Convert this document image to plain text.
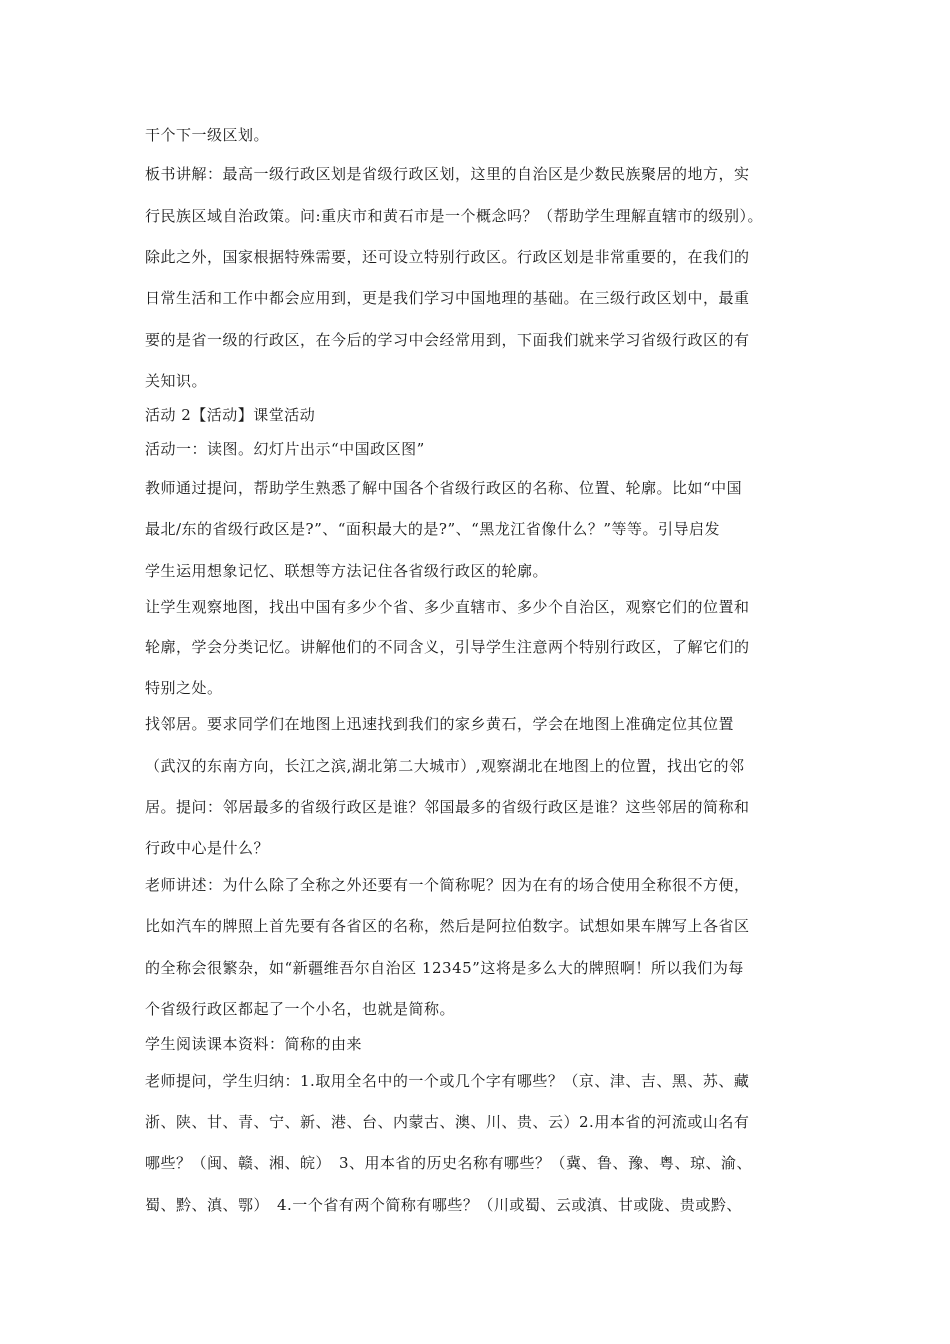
干个下一级区划。
板书讲解：最高一级行政区划是省级行政区划，这里的自治区是少数民族聚居的地方，实
行民族区域自治政策。问:重庆市和黄石市是一个概念吗？（帮助学生理解直辖市的级别）。
除此之外，国家根据特殊需要，还可设立特别行政区。行政区划是非常重要的，在我们的
日常生活和工作中都会应用到，更是我们学习中国地理的基础。在三级行政区划中，最重
要的是省一级的行政区，在今后的学习中会经常用到，下面我们就来学习省级行政区的有
关知识。
活动 2【活动】课堂活动
活动一：读图。幻灯片出示“中国政区图”
教师通过提问，帮助学生熟悉了解中国各个省级行政区的名称、位置、轮廓。比如“中国
最北/东的省级行政区是?”、“面积最大的是?”、“黑龙江省像什么？”等等。引导启发
学生运用想象记忆、联想等方法记住各省级行政区的轮廓。
让学生观察地图，找出中国有多少个省、多少直辖市、多少个自治区，观察它们的位置和
轮廓，学会分类记忆。讲解他们的不同含义，引导学生注意两个特别行政区，了解它们的
特别之处。
找邻居。要求同学们在地图上迅速找到我们的家乡黄石，学会在地图上准确定位其位置
（武汉的东南方向，长江之滨,湖北第二大城市）,观察湖北在地图上的位置，找出它的邻
居。提问：邻居最多的省级行政区是谁？邻国最多的省级行政区是谁？这些邻居的简称和
行政中心是什么？
老师讲述：为什么除了全称之外还要有一个简称呢？因为在有的场合使用全称很不方便，
比如汽车的牌照上首先要有各省区的名称，然后是阿拉伯数字。试想如果车牌写上各省区
的全称会很繁杂，如“新疆维吾尔自治区 12345”这将是多么大的牌照啊！所以我们为每
个省级行政区都起了一个小名，也就是简称。
学生阅读课本资料：简称的由来
老师提问，学生归纳：1.取用全名中的一个或几个字有哪些？（京、津、吉、黑、苏、藏
浙、陕、甘、青、宁、新、港、台、内蒙古、澳、川、贵、云）2.用本省的河流或山名有
哪些？（闽、赣、湘、皖）　3、用本省的历史名称有哪些？（冀、鲁、豫、粤、琼、渝、
蜀、黔、滇、鄂）　4.一个省有两个简称有哪些？（川或蜀、云或滇、甘或陇、贵或黔、
